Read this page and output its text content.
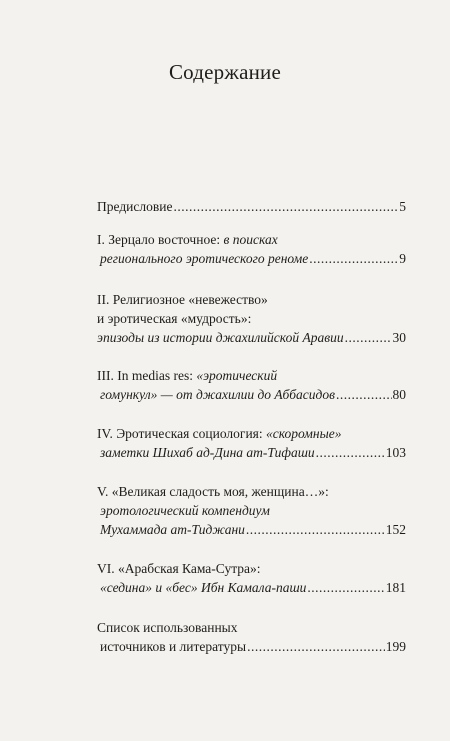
Содержание
Предисловие .....	5
I. Зерцало восточное: в поисках
регионального эротического реноме .....	9
II. Религиозное «невежество»
и эротическая «мудрость»:
эпизоды из истории джахилийской Аравии .....	30
III. In medias res: «эротический
гомункул» — от джахилии до Аббасидов .....	80
IV. Эротическая социология: «скоромные»
заметки Шихаб ад-Дина ат-Тифаши .....	103
V. «Великая сладость моя, женщина…»:
эротологический компендиум
Мухаммада ат-Тиджани .....	152
VI. «Арабская Кама-Сутра»:
«седина» и «бес» Ибн Камала-паши .....	181
Список использованных
источников и литературы .....	199
